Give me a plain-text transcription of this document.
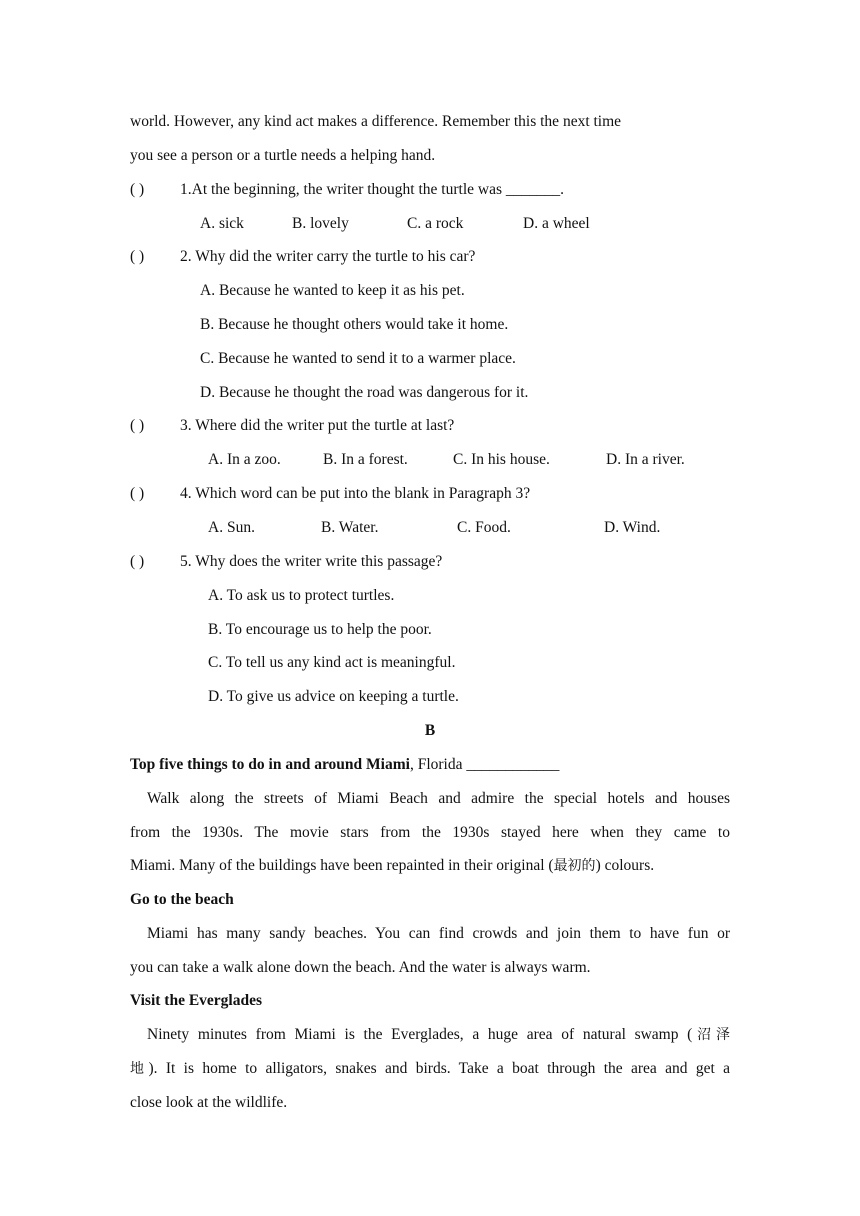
world. However, any kind act makes a difference. Remember this the next time
you see a person or a turtle needs a helping hand.
( ) 1.At the beginning, the writer thought the turtle was _______.
A. sick	B. lovely	C. a rock	D. a wheel
( ) 2. Why did the writer carry the turtle to his car?
A. Because he wanted to keep it as his pet.
B. Because he thought others would take it home.
C. Because he wanted to send it to a warmer place.
D. Because he thought the road was dangerous for it.
( ) 3. Where did the writer put the turtle at last?
A. In a zoo.	B. In a forest.	C. In his house.	D. In a river.
( ) 4. Which word can be put into the blank in Paragraph 3?
A. Sun.	B. Water.	C. Food.	D. Wind.
( ) 5. Why does the writer write this passage?
A. To ask us to protect turtles.
B. To encourage us to help the poor.
C. To tell us any kind act is meaningful.
D. To give us advice on keeping a turtle.
B
Top five things to do in and around Miami, Florida ____________
Walk along the streets of Miami Beach and admire the special hotels and houses
from the 1930s. The movie stars from the 1930s stayed here when they came to
Miami. Many of the buildings have been repainted in their original (最初的) colours.
Go to the beach
Miami has many sandy beaches. You can find crowds and join them to have fun or
you can take a walk alone down the beach. And the water is always warm.
Visit the Everglades
Ninety minutes from Miami is the Everglades, a huge area of natural swamp (沼泽
地). It is home to alligators, snakes and birds. Take a boat through the area and get a
close look at the wildlife.
